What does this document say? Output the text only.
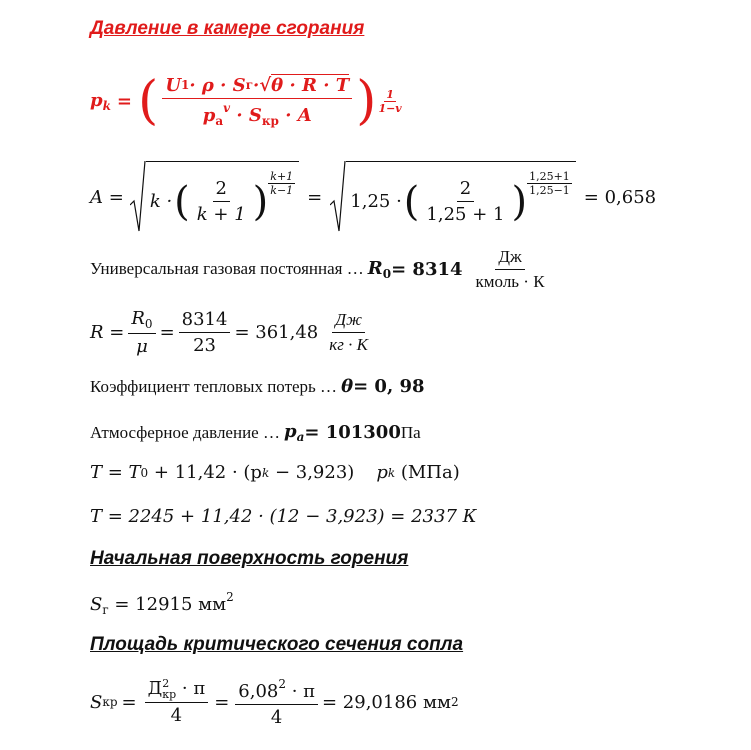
Давление в камере сгорания
$p_k$ = ( $\frac{\text{U 1 · ρ · S г · √ θ · R · T}}{p_a^v \cdot S_{кр} \cdot A}$ ) $\frac{1}{1-v}$
A = k · ( $\frac{2}{k + 1}$ ) $\frac{k+1}{k-1} = 1,25$ · ( $\frac{2}{1,25 + 1}$ ) $\frac{1,25+1}{1,25-1} = 0,658$
Универсальная газовая постоянная … $R_0 = 8314 \frac{Дж}{\text{кмоль · К}}$
$R = \frac{R_0}{\mu} = \frac{8314}{23} = 361,48 \frac{Дж}{кг \cdot К}$
Коэффициент тепловых потерь … θ = 0, 98
Атмосферное давление … $p_a = 101300$ Па
T = T 0 + 11,42 · (p k − 3,923) p k (МПа)
T = 2245 + 11,42 · (12 − 3,923) = 2337 К
Начальная поверхность горения
$S_г = 12915$ $мм^2$
Площадь критического сечения сопла
S кр = Д 2
кр · π
$4 = \frac{6,08^2 \cdot \pi}{4} = 29,0186$ мм 2
